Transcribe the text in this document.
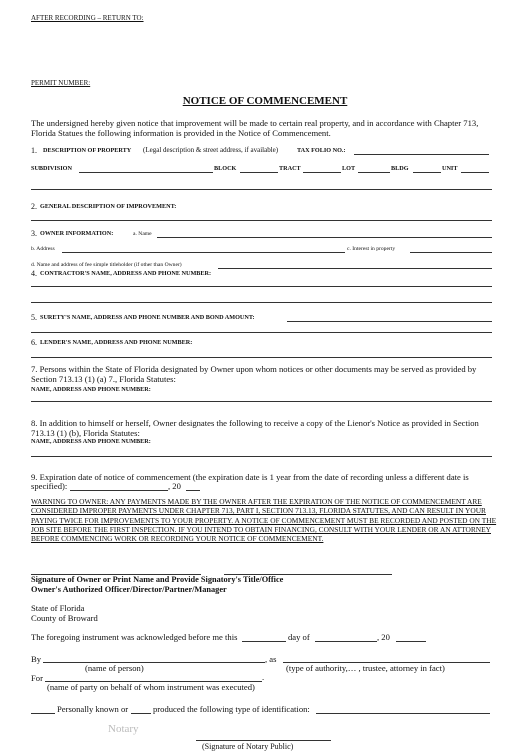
AFTER RECORDING – RETURN TO:
PERMIT NUMBER:
NOTICE OF COMMENCEMENT
The undersigned hereby given notice that improvement will be made to certain real property, and in accordance with Chapter 713, Florida Statues the following information is provided in the Notice of Commencement.
1. DESCRIPTION OF PROPERTY (Legal description & street address, if available)	TAX FOLIO NO.:
SUBDIVISION	BLOCK	TRACT	LOT	BLDG	UNIT
2. GENERAL DESCRIPTION OF IMPROVEMENT:
3. OWNER INFORMATION:	a. Name
b. Address	c. Interest in property
d. Name and address of fee simple titleholder (if other than Owner)
4. CONTRACTOR'S NAME, ADDRESS AND PHONE NUMBER:
5. SURETY'S NAME, ADDRESS AND PHONE NUMBER AND BOND AMOUNT:
6. LENDER'S NAME, ADDRESS AND PHONE NUMBER:
7. Persons within the State of Florida designated by Owner upon whom notices or other documents may be served as provided by Section 713.13 (1) (a) 7., Florida Statutes:
NAME, ADDRESS AND PHONE NUMBER:
8. In addition to himself or herself, Owner designates the following to receive a copy of the Lienor's Notice as provided in Section 713.13 (1) (b), Florida Statutes:
NAME, ADDRESS AND PHONE NUMBER:
9. Expiration date of notice of commencement (the expiration date is 1 year from the date of recording unless a different date is
specified):	, 20
WARNING TO OWNER: ANY PAYMENTS MADE BY THE OWNER AFTER THE EXPIRATION OF THE NOTICE OF COMMENCEMENT ARE CONSIDERED IMPROPER PAYMENTS UNDER CHAPTER 713, PART I, SECTION 713.13, FLORIDA STATUTES, AND CAN RESULT IN YOUR PAYING TWICE FOR IMPROVEMENTS TO YOUR PROPERTY. A NOTICE OF COMMENCEMENT MUST BE RECORDED AND POSTED ON THE JOB SITE BEFORE THE FIRST INSPECTION. IF YOU INTEND TO OBTAIN FINANCING, CONSULT WITH YOUR LENDER OR AN ATTORNEY BEFORE COMMENCING WORK OR RECORDING YOUR NOTICE OF COMMENCEMENT.
Signature of Owner or Print Name and Provide Signatory's Title/Office
Owner's Authorized Officer/Director/Partner/Manager
State of Florida
County of Broward
The foregoing instrument was acknowledged before me this	day of	, 20
By	, as
(name of person)	(type of authority,… , trustee, attorney in fact)
For	.
(name of party on behalf of whom instrument was executed)
Personally known or	produced the following type of identification:
Notary
(Signature of Notary Public)
